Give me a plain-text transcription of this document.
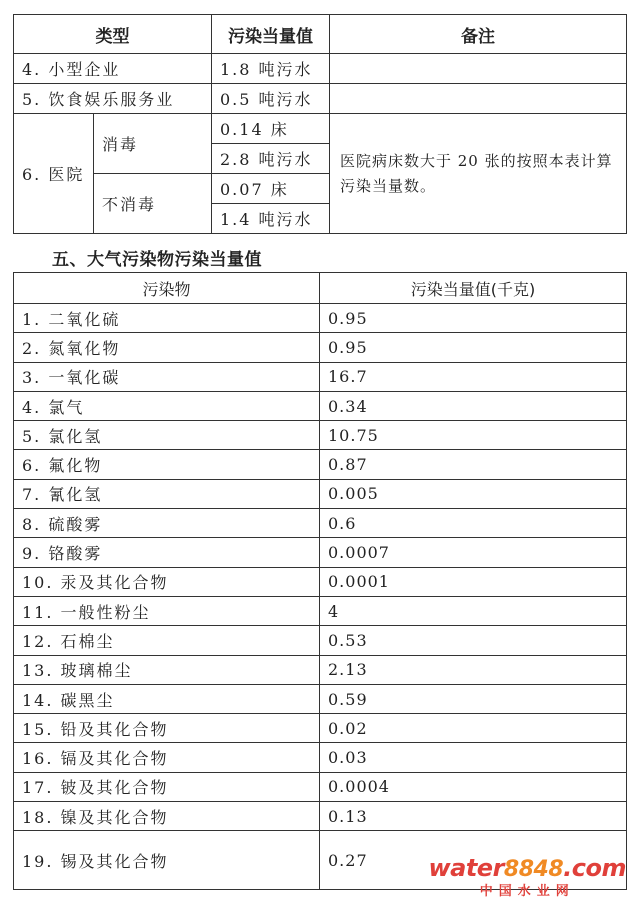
类型		污染当量值	备注
4. 小型企业		1.8 吨污水	
5. 饮食娱乐服务业		0.5 吨污水	
6. 医院	消毒	0.14 床	医院病床数大于 20 张的按照本表计算污染当量数。
		2.8 吨污水	
	不消毒	0.07 床	
		1.4 吨污水	
五、大气污染物污染当量值
污染物	污染当量值(千克)
1. 二氧化硫	0.95
2. 氮氧化物	0.95
3. 一氧化碳	16.7
4. 氯气	0.34
5. 氯化氢	10.75
6. 氟化物	0.87
7. 氰化氢	0.005
8. 硫酸雾	0.6
9. 铬酸雾	0.0007
10. 汞及其化合物	0.0001
11. 一般性粉尘	4
12. 石棉尘	0.53
13. 玻璃棉尘	2.13
14. 碳黑尘	0.59
15. 铅及其化合物	0.02
16. 镉及其化合物	0.03
17. 铍及其化合物	0.0004
18. 镍及其化合物	0.13
19. 锡及其化合物	0.27	water8848.com
中国水业网
